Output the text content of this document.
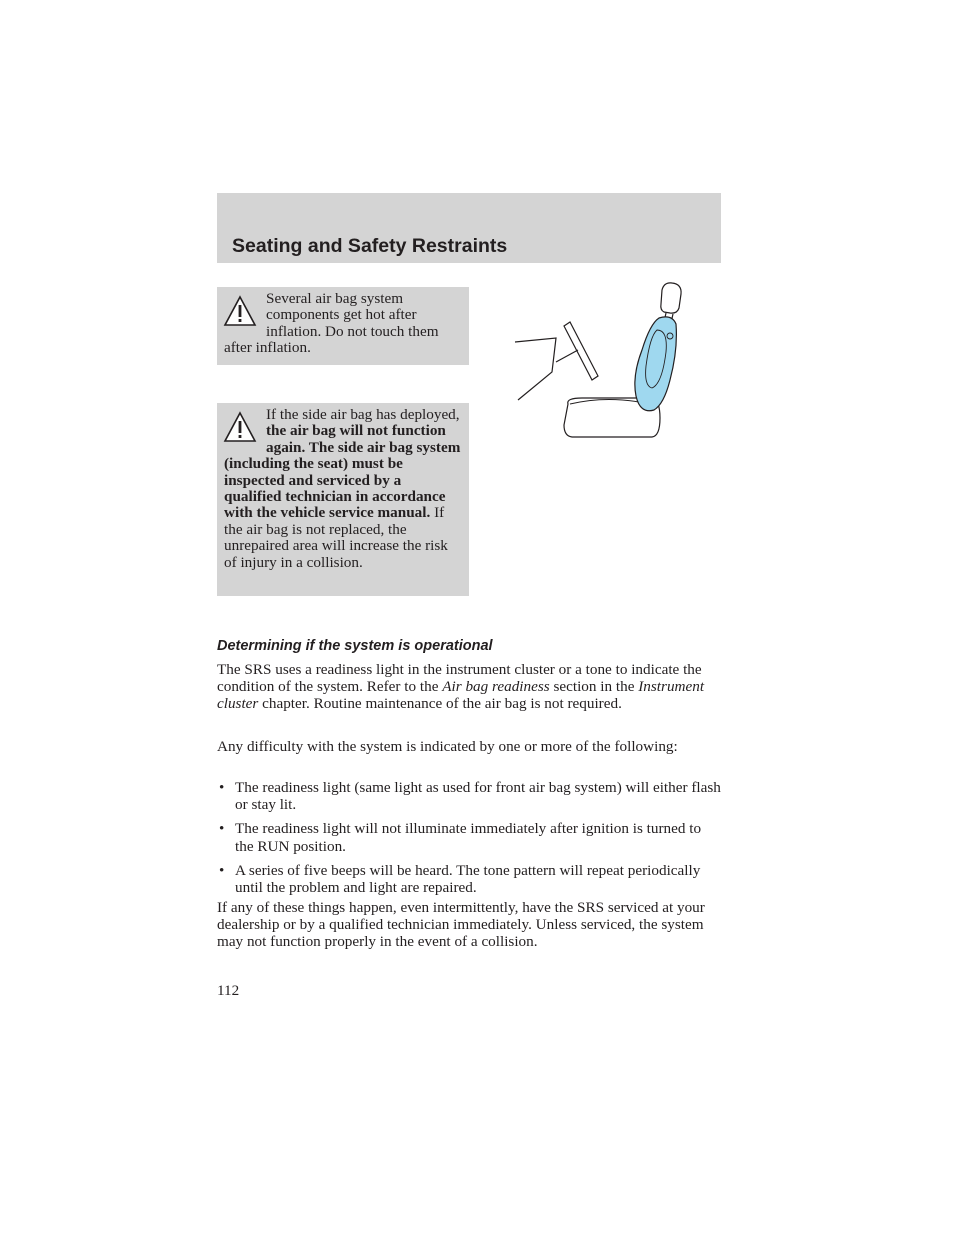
Seating and Safety Restraints
Several air bag system components get hot after inflation. Do not touch them after inflation.
If the side air bag has deployed, the air bag will not function again. The side air bag system (including the seat) must be inspected and serviced by a qualified technician in accordance with the vehicle service manual. If the air bag is not replaced, the unrepaired area will increase the risk of injury in a collision.
Determining if the system is operational

The SRS uses a readiness light in the instrument cluster or a tone to indicate the condition of the system. Refer to the Air bag readiness section in the Instrument cluster chapter. Routine maintenance of the air bag is not required.

Any difficulty with the system is indicated by one or more of the following:

• The readiness light (same light as used for front air bag system) will either flash or stay lit.
• The readiness light will not illuminate immediately after ignition is turned to the RUN position.
• A series of five beeps will be heard. The tone pattern will repeat periodically until the problem and light are repaired.

If any of these things happen, even intermittently, have the SRS serviced at your dealership or by a qualified technician immediately. Unless serviced, the system may not function properly in the event of a collision.

112
